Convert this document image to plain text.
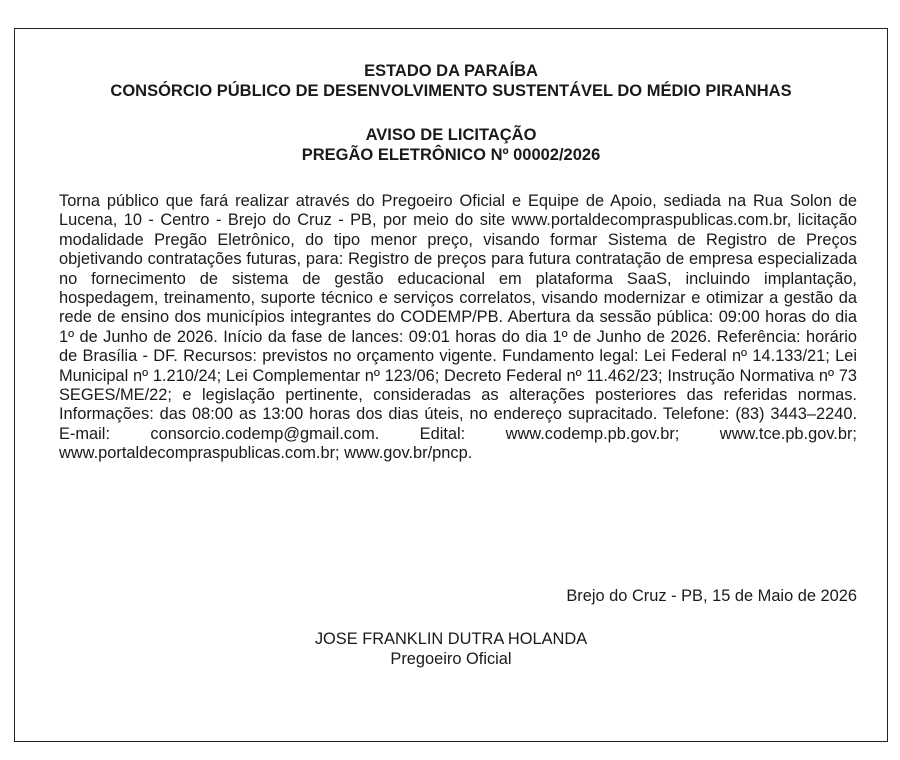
ESTADO DA PARAÍBA
CONSÓRCIO PÚBLICO DE DESENVOLVIMENTO SUSTENTÁVEL DO MÉDIO PIRANHAS
AVISO DE LICITAÇÃO
PREGÃO ELETRÔNICO Nº 00002/2026
Torna público que fará realizar através do Pregoeiro Oficial e Equipe de Apoio, sediada na Rua Solon de Lucena, 10 - Centro - Brejo do Cruz - PB, por meio do site www.portaldecompraspublicas.com.br, licitação modalidade Pregão Eletrônico, do tipo menor preço, visando formar Sistema de Registro de Preços objetivando contratações futuras, para: Registro de preços para futura contratação de empresa especializada no fornecimento de sistema de gestão educacional em plataforma SaaS, incluindo implantação, hospedagem, treinamento, suporte técnico e serviços correlatos, visando modernizar e otimizar a gestão da rede de ensino dos municípios integrantes do CODEMP/PB. Abertura da sessão pública: 09:00 horas do dia 1º de Junho de 2026. Início da fase de lances: 09:01 horas do dia 1º de Junho de 2026. Referência: horário de Brasília - DF. Recursos: previstos no orçamento vigente. Fundamento legal: Lei Federal nº 14.133/21; Lei Municipal nº 1.210/24; Lei Complementar nº 123/06; Decreto Federal nº 11.462/23; Instrução Normativa nº 73 SEGES/ME/22; e legislação pertinente, consideradas as alterações posteriores das referidas normas. Informações: das 08:00 as 13:00 horas dos dias úteis, no endereço supracitado. Telefone: (83) 3443–2240. E-mail: consorcio.codemp@gmail.com. Edital: www.codemp.pb.gov.br; www.tce.pb.gov.br; www.portaldecompraspublicas.com.br; www.gov.br/pncp.
Brejo do Cruz - PB, 15 de Maio de 2026
JOSE FRANKLIN DUTRA HOLANDA
Pregoeiro Oficial
